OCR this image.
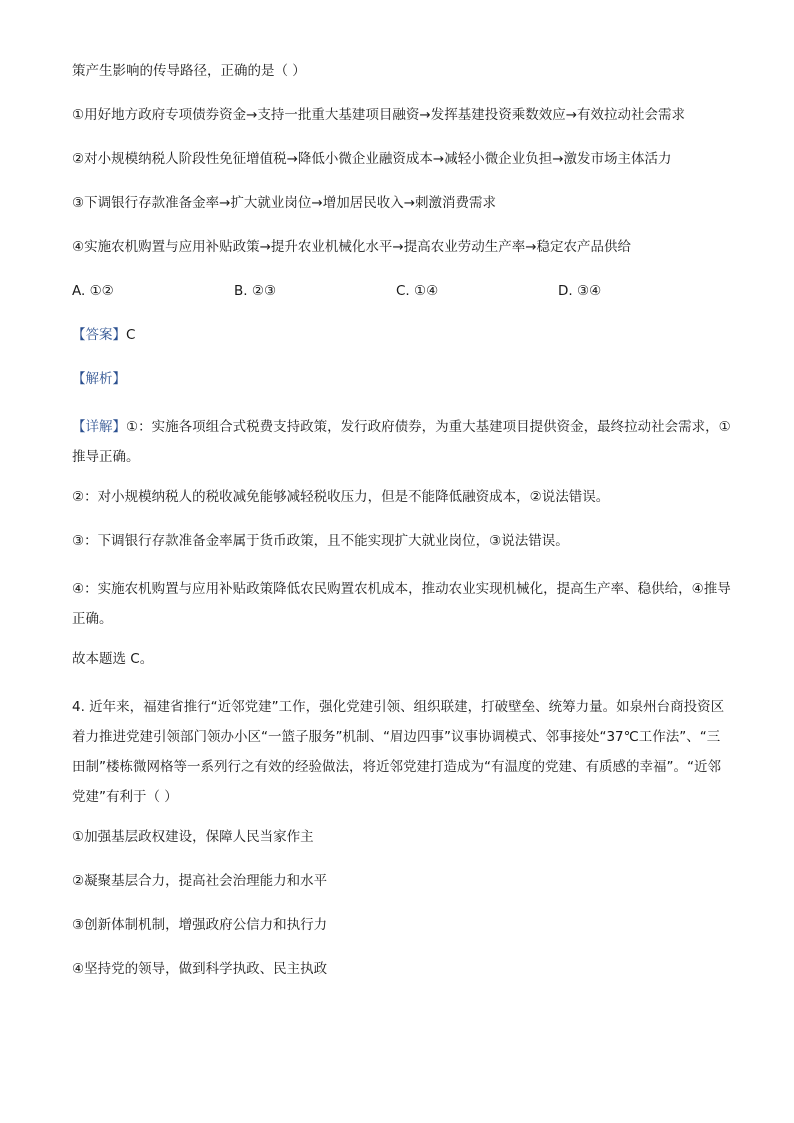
策产生影响的传导路径，正确的是（ ）

①用好地方政府专项债券资金→支持一批重大基建项目融资→发挥基建投资乘数效应→有效拉动社会需求

②对小规模纳税人阶段性免征增值税→降低小微企业融资成本→减轻小微企业负担→激发市场主体活力

③下调银行存款准备金率→扩大就业岗位→增加居民收入→刺激消费需求

④实施农机购置与应用补贴政策→提升农业机械化水平→提高农业劳动生产率→稳定农产品供给

A. ①②	B. ②③	C. ①④	D. ③④

【答案】C

【解析】

【详解】①：实施各项组合式税费支持政策，发行政府债券，为重大基建项目提供资金，最终拉动社会需求，①推导正确。

②：对小规模纳税人的税收减免能够减轻税收压力，但是不能降低融资成本，②说法错误。

③：下调银行存款准备金率属于货币政策，且不能实现扩大就业岗位，③说法错误。

④：实施农机购置与应用补贴政策降低农民购置农机成本，推动农业实现机械化，提高生产率、稳供给，④推导正确。

故本题选 C。

4. 近年来，福建省推行“近邻党建”工作，强化党建引领、组织联建，打破壁垒、统筹力量。如泉州台商投资区着力推进党建引领部门领办小区“一篮子服务”机制、“眉边四事”议事协调模式、邻事接处“37℃工作法”、“三田制”楼栋微网格等一系列行之有效的经验做法，将近邻党建打造成为“有温度的党建、有质感的幸福”。“近邻党建”有利于（ ）

①加强基层政权建设，保障人民当家作主

②凝聚基层合力，提高社会治理能力和水平

③创新体制机制，增强政府公信力和执行力

④坚持党的领导，做到科学执政、民主执政
